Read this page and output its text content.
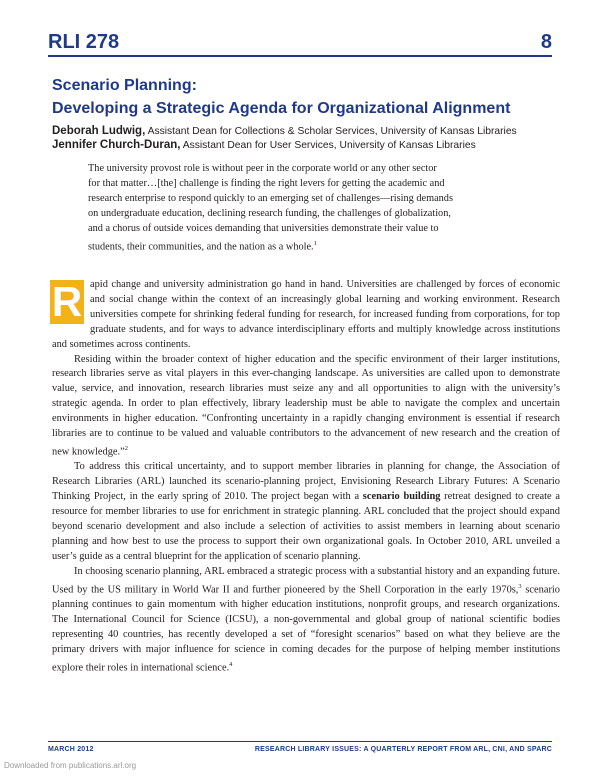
RLI 278	8
Scenario Planning:
Developing a Strategic Agenda for Organizational Alignment
Deborah Ludwig, Assistant Dean for Collections & Scholar Services, University of Kansas Libraries
Jennifer Church-Duran, Assistant Dean for User Services, University of Kansas Libraries
The university provost role is without peer in the corporate world or any other sector
for that matter…[the] challenge is finding the right levers for getting the academic and
research enterprise to respond quickly to an emerging set of challenges—rising demands
on undergraduate education, declining research funding, the challenges of globalization,
and a chorus of outside voices demanding that universities demonstrate their value to
students, their communities, and the nation as a whole.$^1$

R apid change and university administration go hand in hand. Universities are challenged by forces of economic and social change within the context of an increasingly global learning and working environment. Research universities compete for shrinking federal funding for research, for increased funding from corporations, for top graduate students, and for ways to advance interdisciplinary efforts and multiply knowledge across institutions and sometimes across continents.

Residing within the broader context of higher education and the specific environment of their larger institutions, research libraries serve as vital players in this ever-changing landscape. As universities are called upon to demonstrate value, service, and innovation, research libraries must seize any and all opportunities to align with the university’s strategic agenda. In order to plan effectively, library leadership must be able to navigate the complex and uncertain environments in higher education. “Confronting uncertainty in a rapidly changing environment is essential if research libraries are to continue to be valued and valuable contributors to the advancement of new research and the creation of new knowledge.”$^2$

To address this critical uncertainty, and to support member libraries in planning for change, the Association of Research Libraries (ARL) launched its scenario-planning project, Envisioning Research Library Futures: A Scenario Thinking Project, in the early spring of 2010. The project began with a scenario building retreat designed to create a resource for member libraries to use for enrichment in strategic planning. ARL concluded that the project should expand beyond scenario development and also include a selection of activities to assist members in learning about scenario planning and how best to use the process to support their own organizational goals. In October 2010, ARL unveiled a user’s guide as a central blueprint for the application of scenario planning.

In choosing scenario planning, ARL embraced a strategic process with a substantial history and an expanding future. Used by the US military in World War II and further pioneered by the Shell Corporation in the early 1970s,$^3$ scenario planning continues to gain momentum with higher education institutions, nonprofit groups, and research organizations. The International Council for Science (ICSU), a non-governmental and global group of national scientific bodies representing 40 countries, has recently developed a set of “foresight scenarios” based on what they believe are the primary drivers with major influence for science in coming decades for the purpose of helping member institutions explore their roles in international science.$^4$

MARCH 2012	RESEARCH LIBRARY ISSUES: A QUARTERLY REPORT FROM ARL, CNI, AND SPARC
Downloaded from publications.arl.org
